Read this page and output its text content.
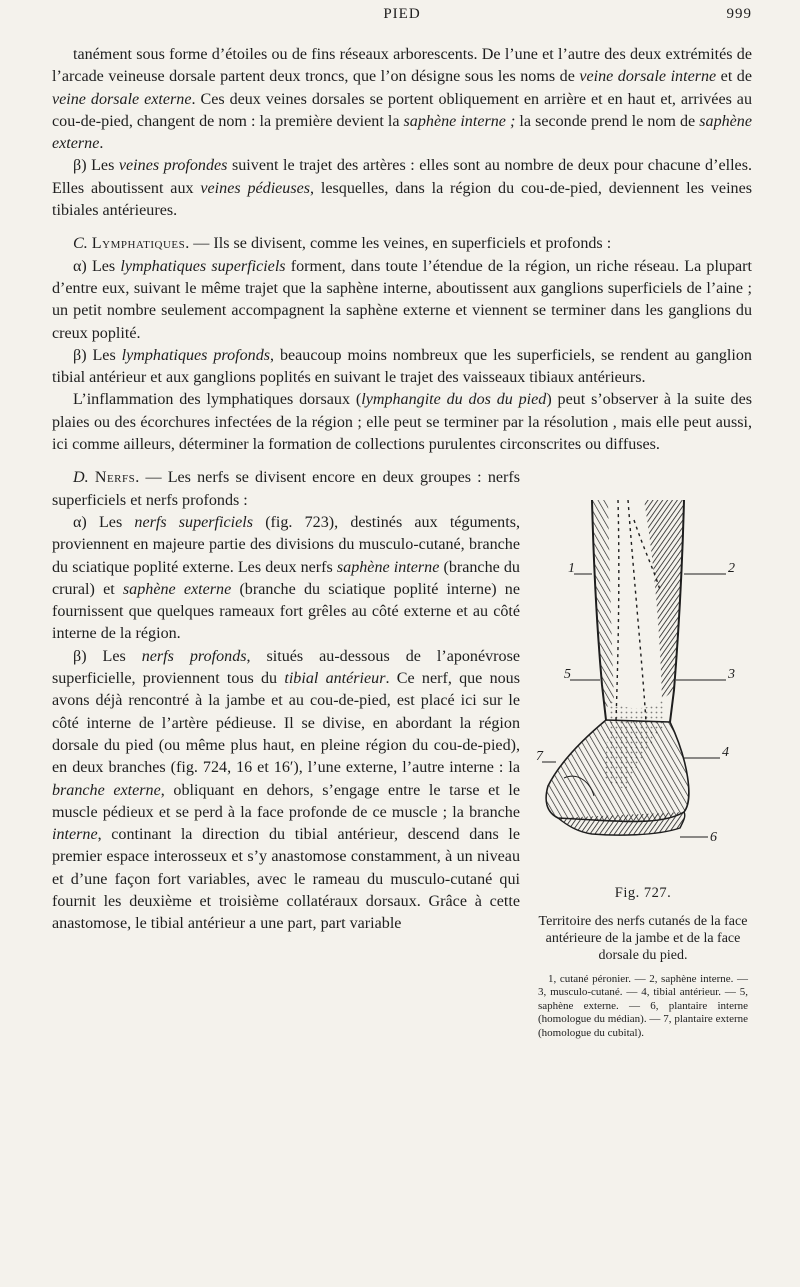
PIED	999

tanément sous forme d’étoiles ou de fins réseaux arborescents. De l’une et l’autre des deux extrémités de l’arcade veineuse dorsale partent deux troncs, que l’on désigne sous les noms de veine dorsale interne et de veine dorsale externe. Ces deux veines dorsales se portent obliquement en arrière et en haut et, arrivées au cou-de-pied, changent de nom : la première devient la saphène interne ; la seconde prend le nom de saphène externe.

β) Les veines profondes suivent le trajet des artères : elles sont au nombre de deux pour chacune d’elles. Elles aboutissent aux veines pédieuses, lesquelles, dans la région du cou-de-pied, deviennent les veines tibiales antérieures.

C. Lymphatiques. — Ils se divisent, comme les veines, en superficiels et profonds :

α) Les lymphatiques superficiels forment, dans toute l’étendue de la région, un riche réseau. La plupart d’entre eux, suivant le même trajet que la saphène interne, aboutissent aux ganglions superficiels de l’aine ; un petit nombre seulement accompagnent la saphène externe et viennent se terminer dans les ganglions du creux poplité.

β) Les lymphatiques profonds, beaucoup moins nombreux que les superficiels, se rendent au ganglion tibial antérieur et aux ganglions poplités en suivant le trajet des vaisseaux tibiaux antérieurs.

L’inflammation des lymphatiques dorsaux (lymphangite du dos du pied) peut s’observer à la suite des plaies ou des écorchures infectées de la région ; elle peut se terminer par la résolution , mais elle peut aussi, ici comme ailleurs, déterminer la formation de collections purulentes circonscrites ou diffuses.

1	2
3
4
5
6
7
Fig. 727.
Territoire des nerfs cutanés de la face antérieure de la jambe et de la face dorsale du pied.
1, cutané péronier. — 2, saphène interne. — 3, musculo-cutané. — 4, tibial antérieur. — 5, saphène externe. — 6, plantaire interne (homologue du médian). — 7, plantaire externe (homologue du cubital).

D. Nerfs. — Les nerfs se divisent encore en deux groupes : nerfs superficiels et nerfs profonds :

α) Les nerfs superficiels (fig. 723), destinés aux téguments, proviennent en majeure partie des divisions du musculo-cutané, branche du sciatique poplité externe. Les deux nerfs saphène interne (branche du crural) et saphène externe (branche du sciatique poplité interne) ne fournissent que quelques rameaux fort grêles au côté externe et au côté interne de la région.

β) Les nerfs profonds, situés au-dessous de l’aponévrose superficielle, proviennent tous du tibial antérieur. Ce nerf, que nous avons déjà rencontré à la jambe et au cou-de-pied, est placé ici sur le côté interne de l’artère pédieuse. Il se divise, en abordant la région dorsale du pied (ou même plus haut, en pleine région du cou-de-pied), en deux branches (fig. 724, 16 et 16′), l’une externe, l’autre interne : la branche externe, obliquant en dehors, s’engage entre le tarse et le muscle pédieux et se perd à la face profonde de ce muscle ; la branche interne, continant la direction du tibial antérieur, descend dans le premier espace interosseux et s’y anastomose constamment, à un niveau et d’une façon fort variables, avec le rameau du musculo-cutané qui fournit les deuxième et troisième collatéraux dorsaux. Grâce à cette anastomose, le tibial antérieur a une part, part variable
